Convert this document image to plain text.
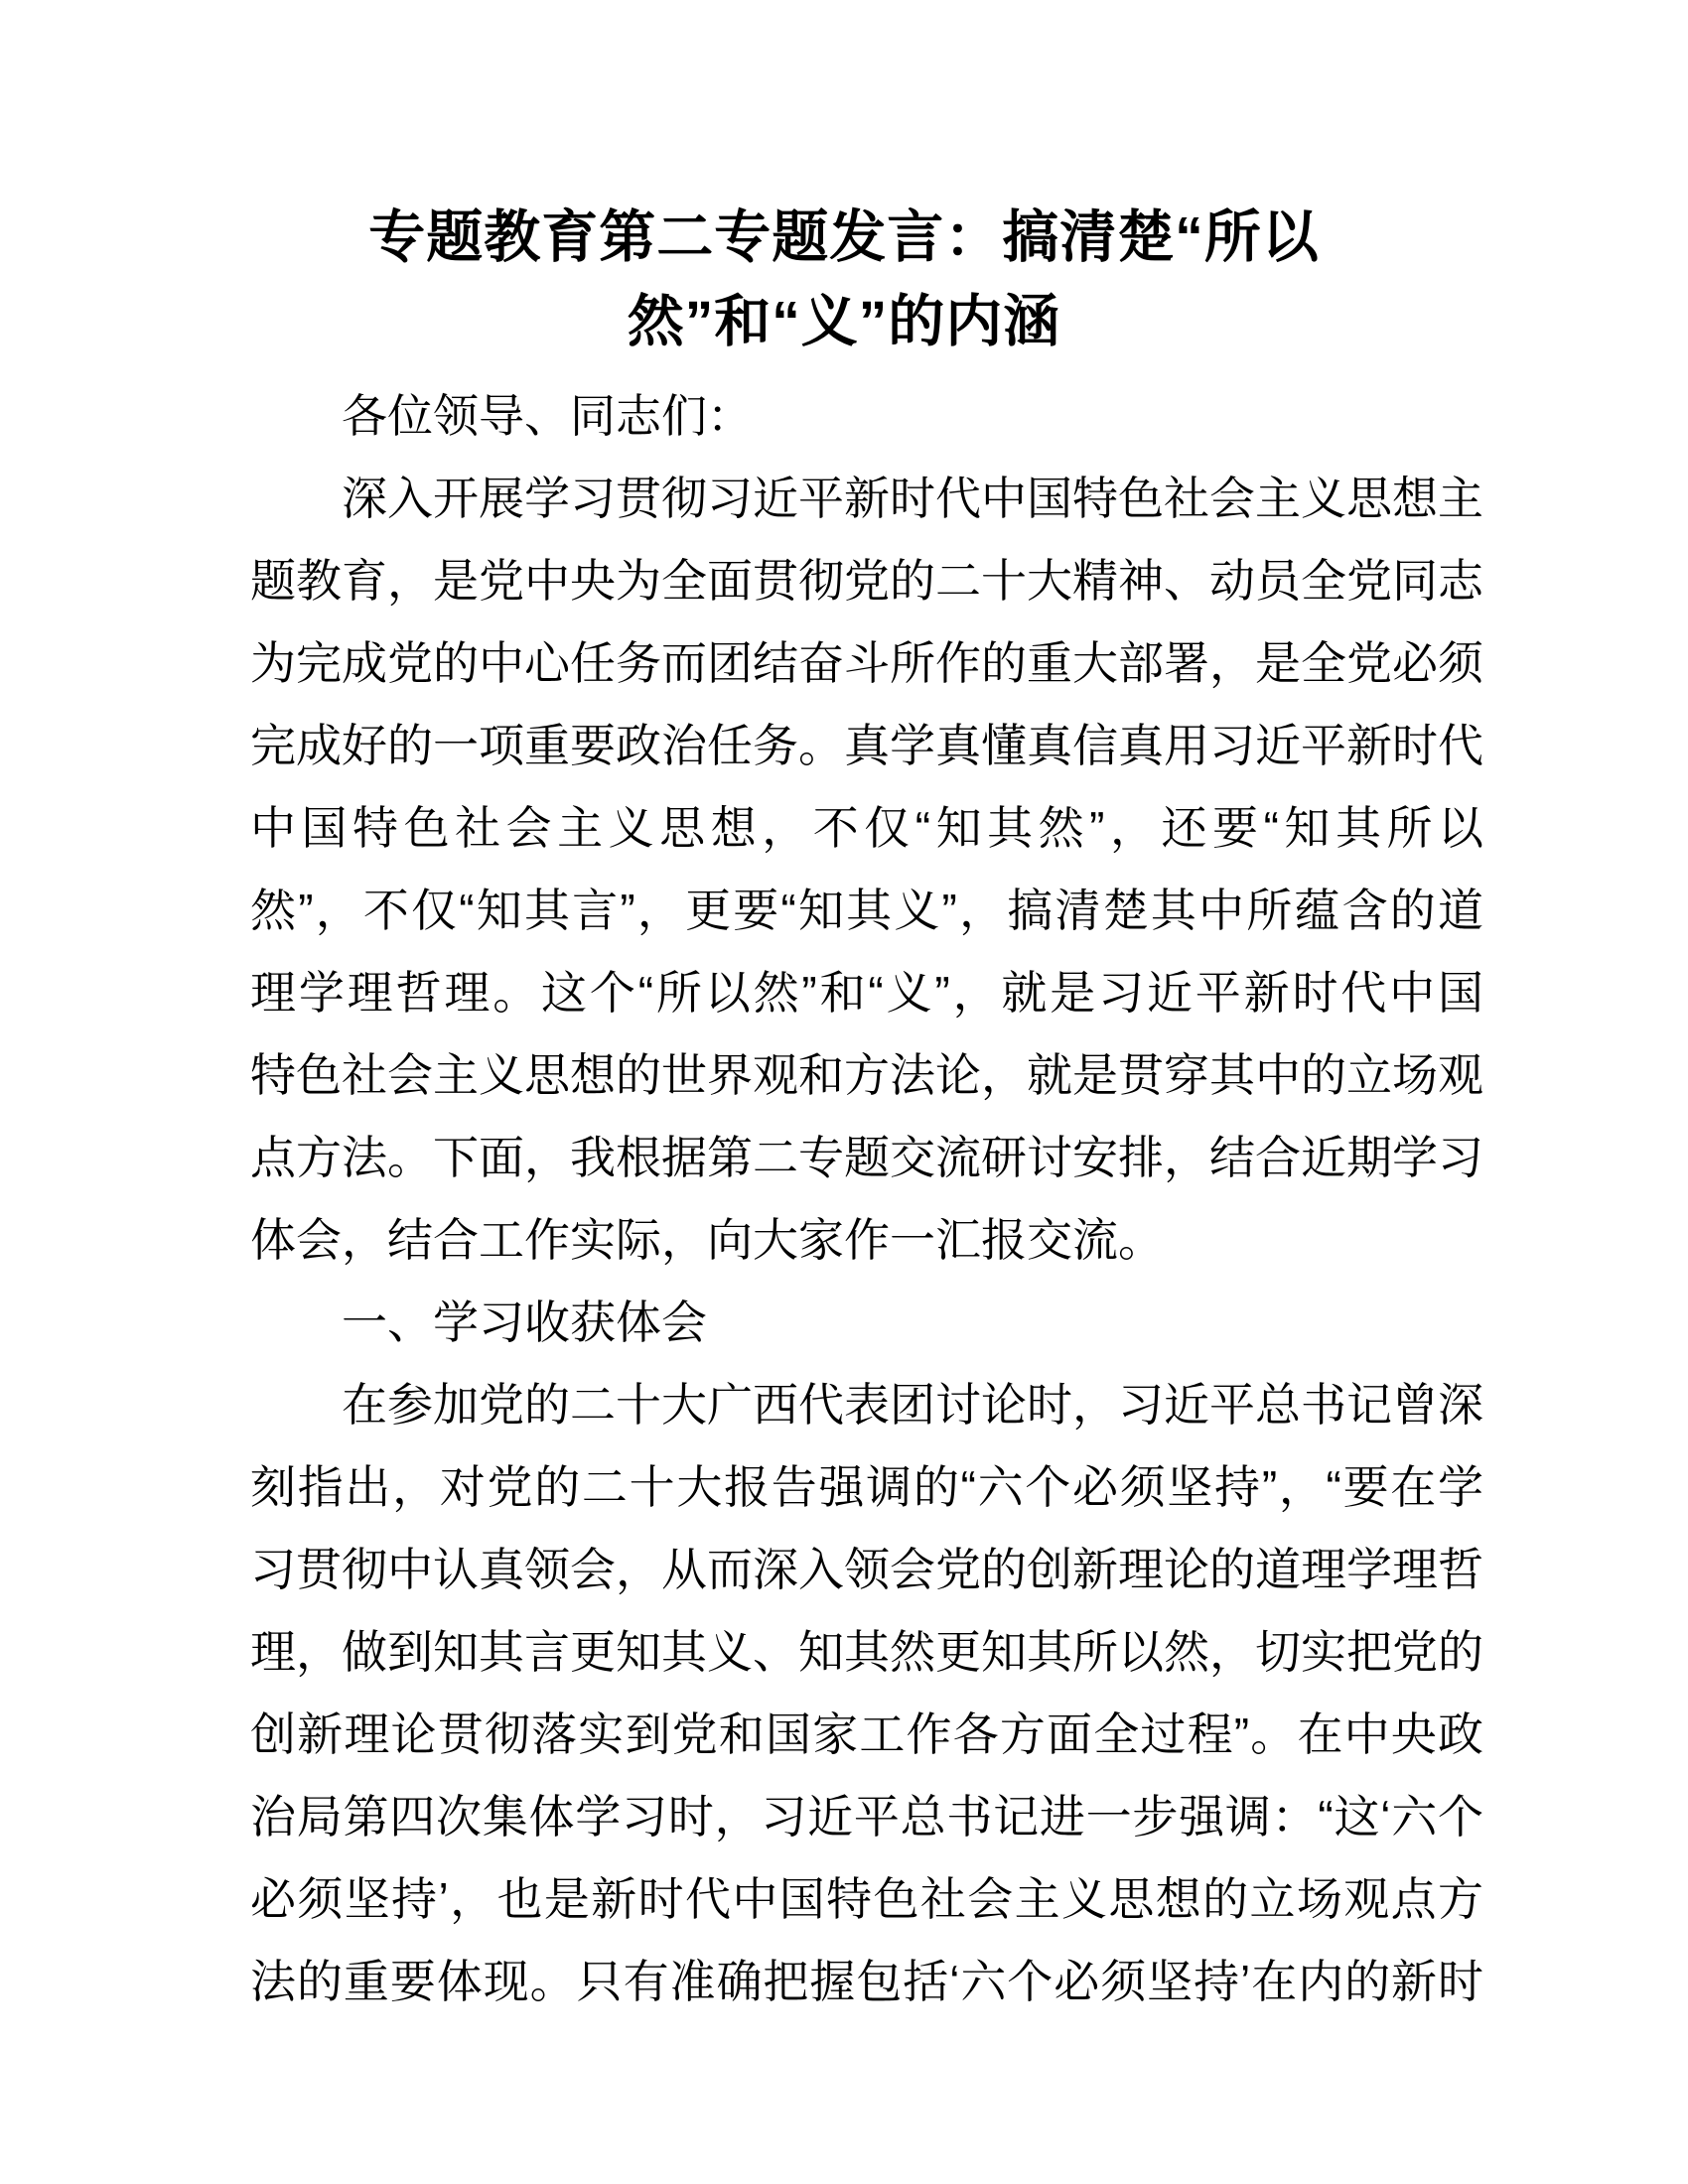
专题教育第二专题发言：搞清楚“所以
然”和“义”的内涵
各位领导、同志们：
深入开展学习贯彻习近平新时代中国特色社会主义思想主
题教育，是党中央为全面贯彻党的二十大精神、动员全党同志
为完成党的中心任务而团结奋斗所作的重大部署，是全党必须
完成好的一项重要政治任务。真学真懂真信真用习近平新时代
中国特色社会主义思想，不仅“知其然”，还要“知其所以
然”，不仅“知其言”，更要“知其义”，搞清楚其中所蕴含的道
理学理哲理。这个“所以然”和“义”，就是习近平新时代中国
特色社会主义思想的世界观和方法论，就是贯穿其中的立场观
点方法。下面，我根据第二专题交流研讨安排，结合近期学习
体会，结合工作实际，向大家作一汇报交流。
一、学习收获体会
在参加党的二十大广西代表团讨论时，习近平总书记曾深
刻指出，对党的二十大报告强调的“六个必须坚持”，“要在学
习贯彻中认真领会，从而深入领会党的创新理论的道理学理哲
理，做到知其言更知其义、知其然更知其所以然，切实把党的
创新理论贯彻落实到党和国家工作各方面全过程”。在中央政
治局第四次集体学习时，习近平总书记进一步强调：“这‘六个
必须坚持’，也是新时代中国特色社会主义思想的立场观点方
法的重要体现。只有准确把握包括‘六个必须坚持’在内的新时
